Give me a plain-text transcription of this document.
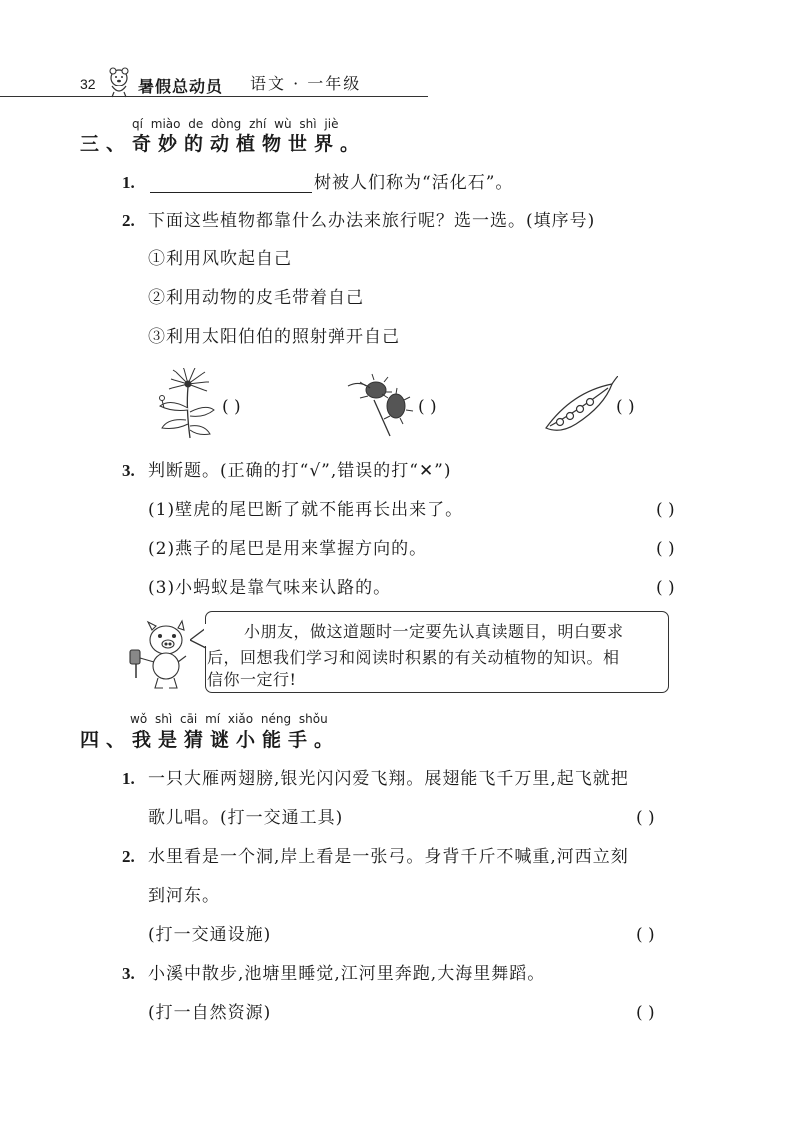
32	暑假总动员 语文 · 一年级
qí miào de dòng zhí wù shì jiè
三、奇妙的动植物世界。
1.	树被人们称为“活化石”。
2. 下面这些植物都靠什么办法来旅行呢？选一选。(填序号)
①利用风吹起自己
②利用动物的皮毛带着自己
③利用太阳伯伯的照射弹开自己
( )	( )	( )
3. 判断题。(正确的打“√”,错误的打“✕”)
(1)壁虎的尾巴断了就不能再长出来了。	( )
(2)燕子的尾巴是用来掌握方向的。	( )
(3)小蚂蚁是靠气味来认路的。	( )
小朋友，做这道题时一定要先认真读题目，明白要求
后，回想我们学习和阅读时积累的有关动植物的知识。相
信你一定行!
wǒ shì cāi mí xiǎo néng shǒu
四、我是猜谜小能手。
1. 一只大雁两翅膀,银光闪闪爱飞翔。展翅能飞千万里,起飞就把
歌儿唱。(打一交通工具)	( )
2. 水里看是一个洞,岸上看是一张弓。身背千斤不喊重,河西立刻
到河东。
(打一交通设施)	( )
3. 小溪中散步,池塘里睡觉,江河里奔跑,大海里舞蹈。
(打一自然资源)	( )
